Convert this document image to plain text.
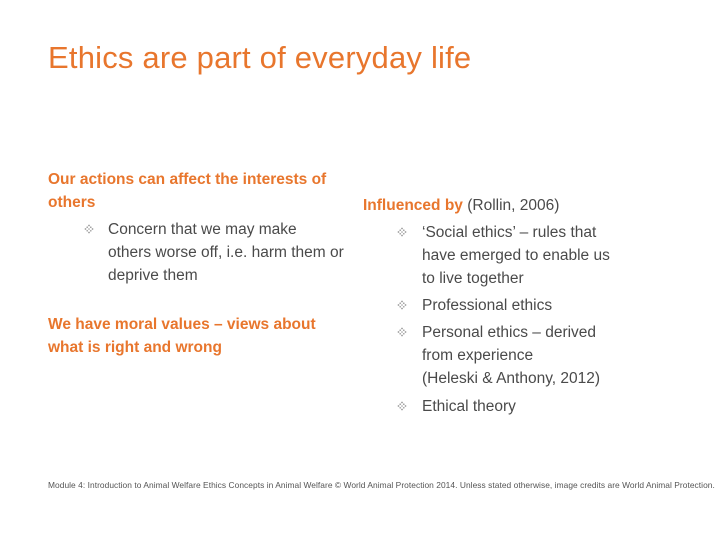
Ethics are part of everyday life

Our actions can affect the interests of others

Concern that we may make others worse off, i.e. harm them or deprive them

We have moral values – views about what is right and wrong

Influenced by (Rollin, 2006)

‘Social ethics’ – rules that have emerged to enable us to live together
Professional ethics
Personal ethics – derived from experience
(Heleski & Anthony, 2012)
Ethical theory
Module 4: Introduction to Animal Welfare Ethics Concepts in Animal Welfare © World Animal Protection 2014. Unless stated otherwise, image credits are World Animal Protection.
